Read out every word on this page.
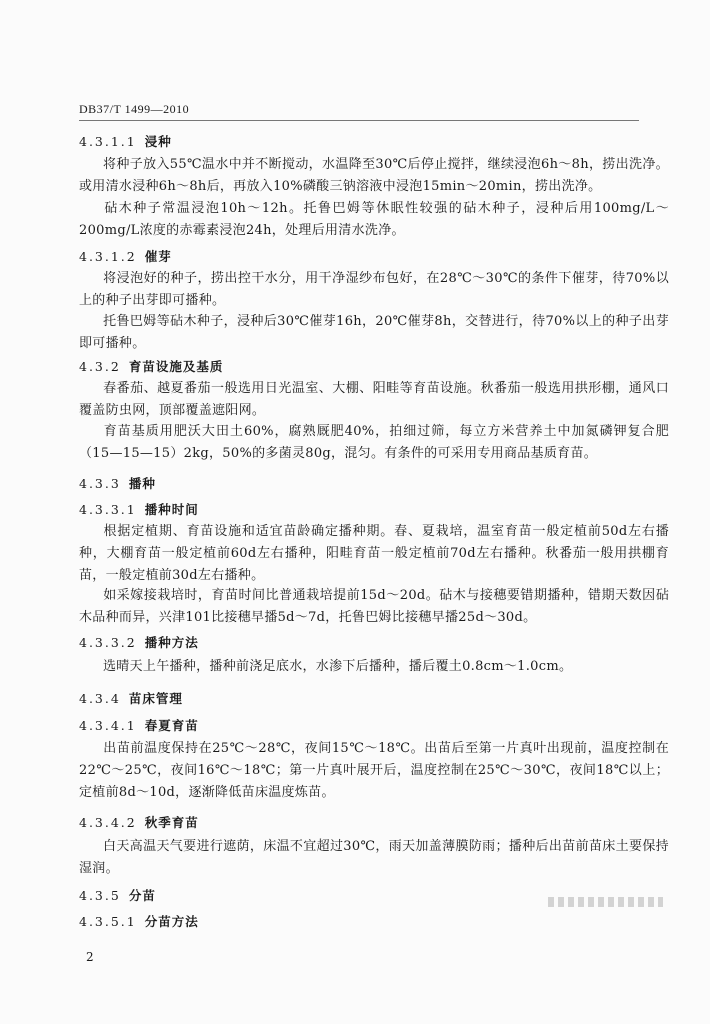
DB37/T 1499—2010
4.3.1.1 浸种
将种子放入55℃温水中并不断搅动，水温降至30℃后停止搅拌，继续浸泡6h～8h，捞出洗净。或用清水浸种6h～8h后，再放入10%磷酸三钠溶液中浸泡15min～20min，捞出洗净。
砧木种子常温浸泡10h～12h。托鲁巴姆等休眠性较强的砧木种子，浸种后用100mg/L～200mg/L浓度的赤霉素浸泡24h，处理后用清水洗净。
4.3.1.2 催芽
将浸泡好的种子，捞出控干水分，用干净湿纱布包好，在28℃～30℃的条件下催芽，待70%以上的种子出芽即可播种。
托鲁巴姆等砧木种子，浸种后30℃催芽16h，20℃催芽8h，交替进行，待70%以上的种子出芽即可播种。
4.3.2 育苗设施及基质
春番茄、越夏番茄一般选用日光温室、大棚、阳畦等育苗设施。秋番茄一般选用拱形棚，通风口覆盖防虫网，顶部覆盖遮阳网。
育苗基质用肥沃大田土60%，腐熟厩肥40%，拍细过筛，每立方米营养土中加氮磷钾复合肥（15—15—15）2kg，50%的多菌灵80g，混匀。有条件的可采用专用商品基质育苗。
4.3.3 播种
4.3.3.1 播种时间
根据定植期、育苗设施和适宜苗龄确定播种期。春、夏栽培，温室育苗一般定植前50d左右播种，大棚育苗一般定植前60d左右播种，阳畦育苗一般定植前70d左右播种。秋番茄一般用拱棚育苗，一般定植前30d左右播种。
如采嫁接栽培时，育苗时间比普通栽培提前15d～20d。砧木与接穗要错期播种，错期天数因砧木品种而异，兴津101比接穗早播5d～7d，托鲁巴姆比接穗早播25d～30d。
4.3.3.2 播种方法
选晴天上午播种，播种前浇足底水，水渗下后播种，播后覆土0.8cm～1.0cm。
4.3.4 苗床管理
4.3.4.1 春夏育苗
出苗前温度保持在25℃～28℃，夜间15℃～18℃。出苗后至第一片真叶出现前，温度控制在22℃～25℃，夜间16℃～18℃；第一片真叶展开后，温度控制在25℃～30℃，夜间18℃以上；定植前8d～10d，逐渐降低苗床温度炼苗。
4.3.4.2 秋季育苗
白天高温天气要进行遮荫，床温不宜超过30℃，雨天加盖薄膜防雨；播种后出苗前苗床土要保持湿润。
4.3.5 分苗
4.3.5.1 分苗方法
2
